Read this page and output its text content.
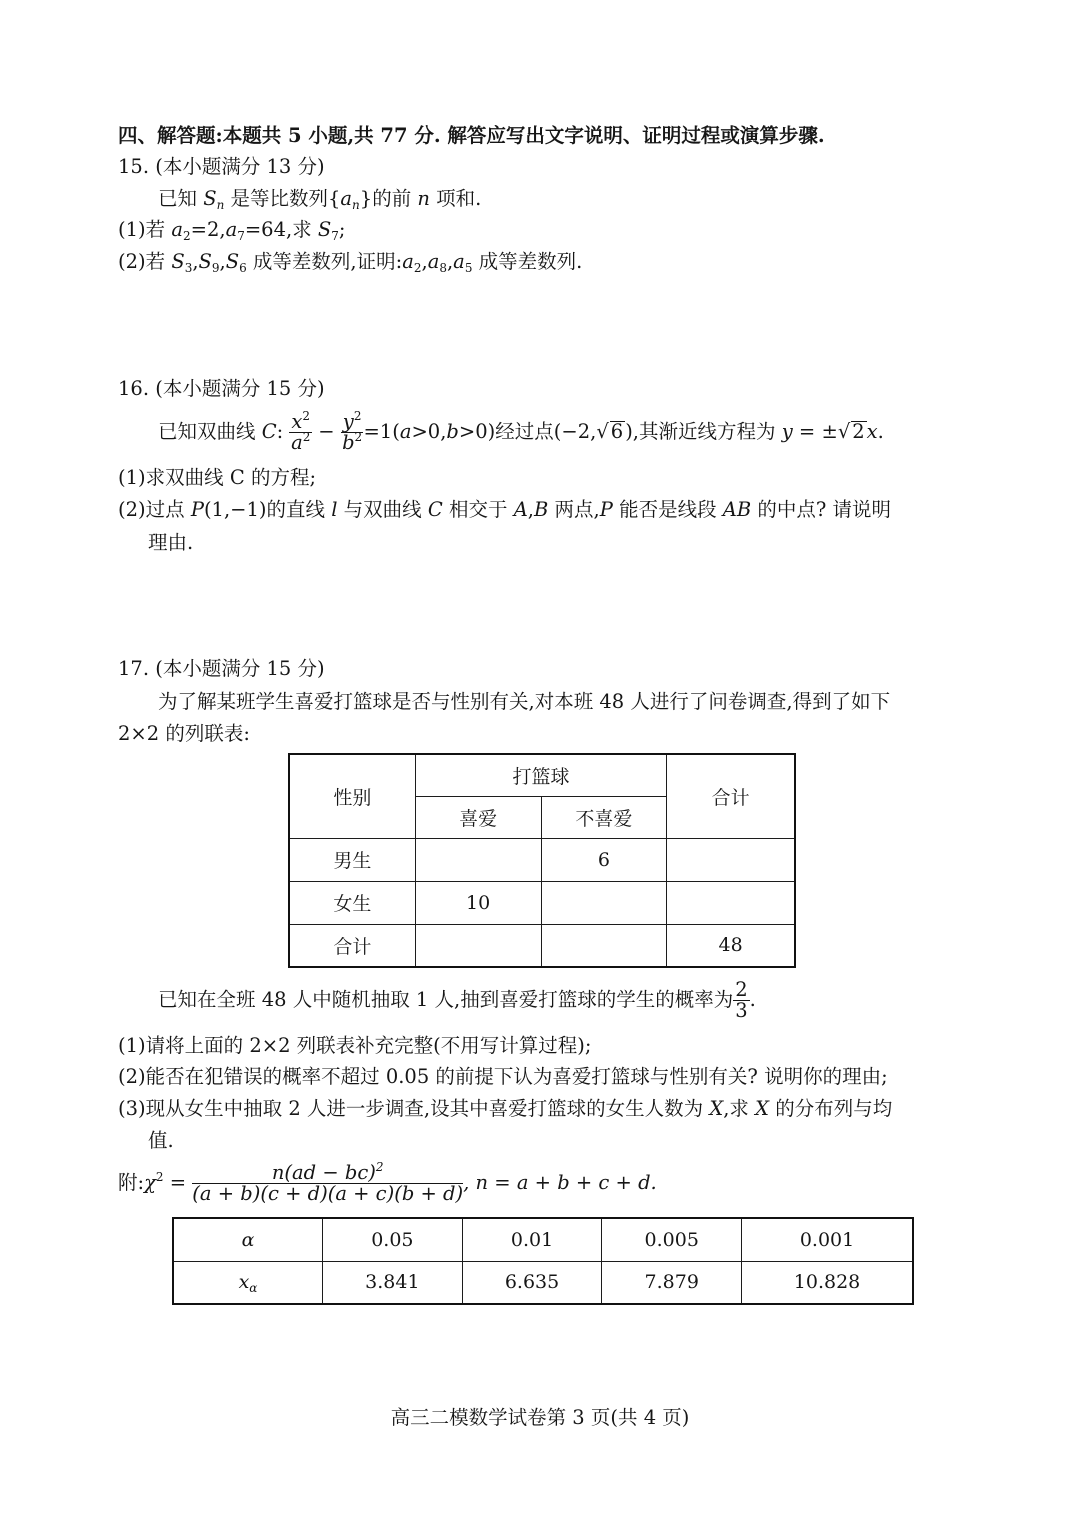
四、解答题:本题共 5 小题,共 77 分. 解答应写出文字说明、证明过程或演算步骤.
15. (本小题满分 13 分)
已知 $S_n$ 是等比数列$\{a_n\}$的前 n 项和.
(1)若 $a_2=2,a_7=64$,求 $S_7$;
(2)若 $S_3,S_9,S_6$ 成等差数列,证明$:a_2,a_8,a_5$ 成等差数列.
16. (本小题满分 15 分)
已知双曲线 C: $\frac{x^2}{a^2} - \frac{y^2}{b^2} =1(a>0,b>0)$经过点(−2,√ 6 ),其渐近线方程为 y = ±√ 2 x.
(1)求双曲线 C 的方程;
(2)过点 P(1,−1)的直线 l 与双曲线 C 相交于 A,B 两点,P 能否是线段 AB 的中点? 请说明
理由.
17. (本小题满分 15 分)
为了解某班学生喜爱打篮球是否与性别有关,对本班 48 人进行了问卷调查,得到了如下
2×2 的列联表:
性别	打篮球		合计
	喜爱	不喜爱	
男生		6	
女生	10		
合计			48
已知在全班 48 人中随机抽取 1 人,抽到喜爱打篮球的学生的概率为 $\frac{2}{3}$ .
(1)请将上面的 2×2 列联表补充完整(不用写计算过程);
(2)能否在犯错误的概率不超过 0.05 的前提下认为喜爱打篮球与性别有关? 说明你的理由;
(3)现从女生中抽取 2 人进一步调查,设其中喜爱打篮球的女生人数为 X,求 X 的分布列与均
值.
附$:\chi^2 = \frac{n(ad - bc)^2}{(a + b)(c + d)(a + c)(b + d)}$ , n = a + b + c + d.
α	0.05	0.01	0.005	0.001
$x_\alpha$	3.841	6.635	7.879	10.828
高三二模数学试卷第 3 页(共 4 页)
